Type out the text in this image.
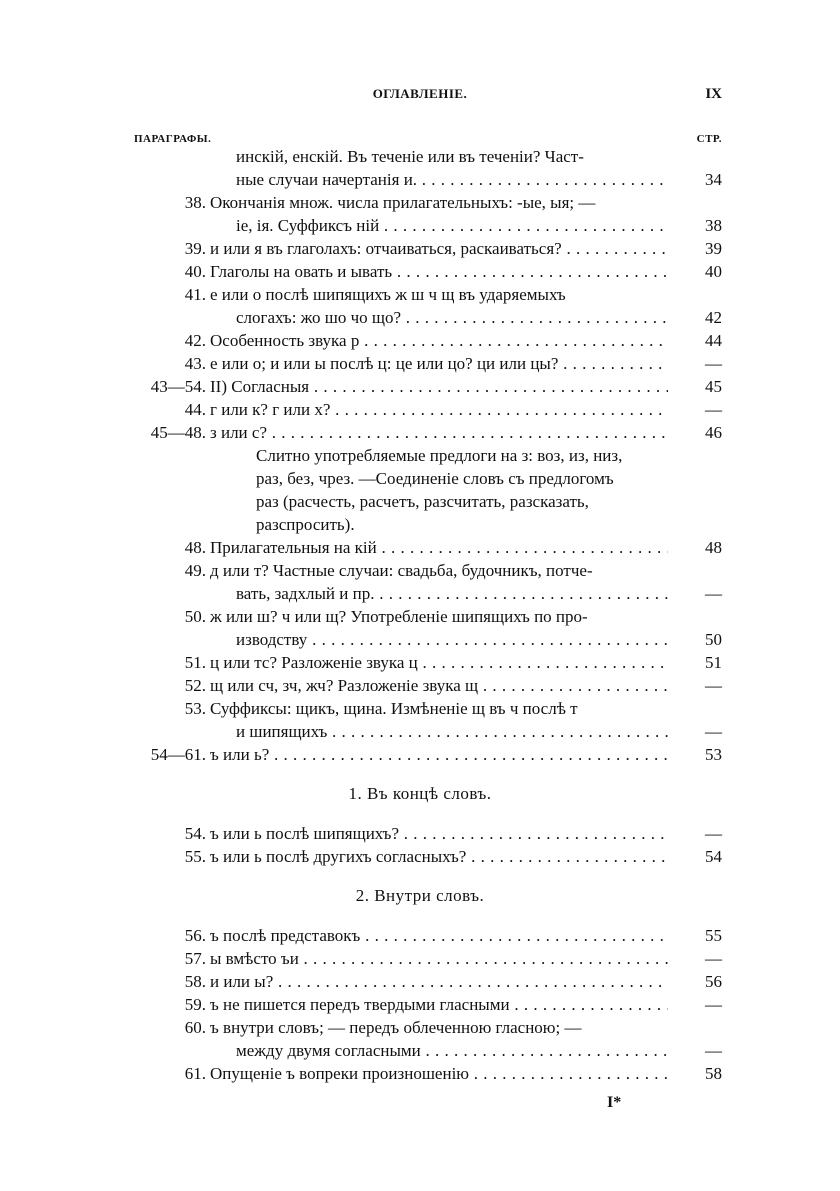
ОГЛАВЛЕНІЕ.	IX
ПАРАГРАФЫ.	СТР.
инскій, енскій. Въ теченіе или въ теченіи? Част-
ные случаи начертанія и. . . .	34
38. Окончанія множ. числа прилагательныхъ: -ые, ыя; —
іе, ія. Суффиксъ ній . . .	38
39. и или я въ глаголахъ: отчаиваться, раскаиваться? . . .	39
40. Глаголы на овать и ывать . . .	40
41. е или о послѣ шипящихъ ж ш ч щ въ ударяемыхъ
слогахъ: жо шо чо що? . . .	42
42. Особенность звука р . . .	44
43. е или о; и или ы послѣ ц: це или цо? ци или цы? . . .	—
43—54. II) Согласныя . . .	45
44. г или к? г или х? . . .	—
45—48. з или с? . . .	46
Слитно употребляемые предлоги на з: воз, из, низ,
раз, без, чрез. —Соединеніе словъ съ предлогомъ
раз (расчесть, расчетъ, разсчитать, разсказать,
разспросить).
48. Прилагательныя на кій . . .	48
49. д или т? Частные случаи: свадьба, будочникъ, потче-
вать, задхлый и пр. . . .	—
50. ж или ш? ч или щ? Употребленіе шипящихъ по про-
изводству . . .	50
51. ц или тс? Разложеніе звука ц . . .	51
52. щ или сч, зч, жч? Разложеніе звука щ . . .	—
53. Суффиксы: щикъ, щина. Измѣненіе щ въ ч послѣ т
и шипящихъ . . .	—
54—61. ъ или ь? . . .	53
1. Въ концѣ словъ.
54. ъ или ь послѣ шипящихъ? . . .	—
55. ъ или ь послѣ другихъ согласныхъ? . . .	54
2. Внутри словъ.
56. ъ послѣ представокъ . . .	55
57. ы вмѣсто ъи . . .	—
58. и или ы? . . .	56
59. ъ не пишется передъ твердыми гласными . . .	—
60. ъ внутри словъ; — передъ облеченною гласною; —
между двумя согласными . . .	—
61. Опущеніе ъ вопреки произношенію . . .	58
I*
